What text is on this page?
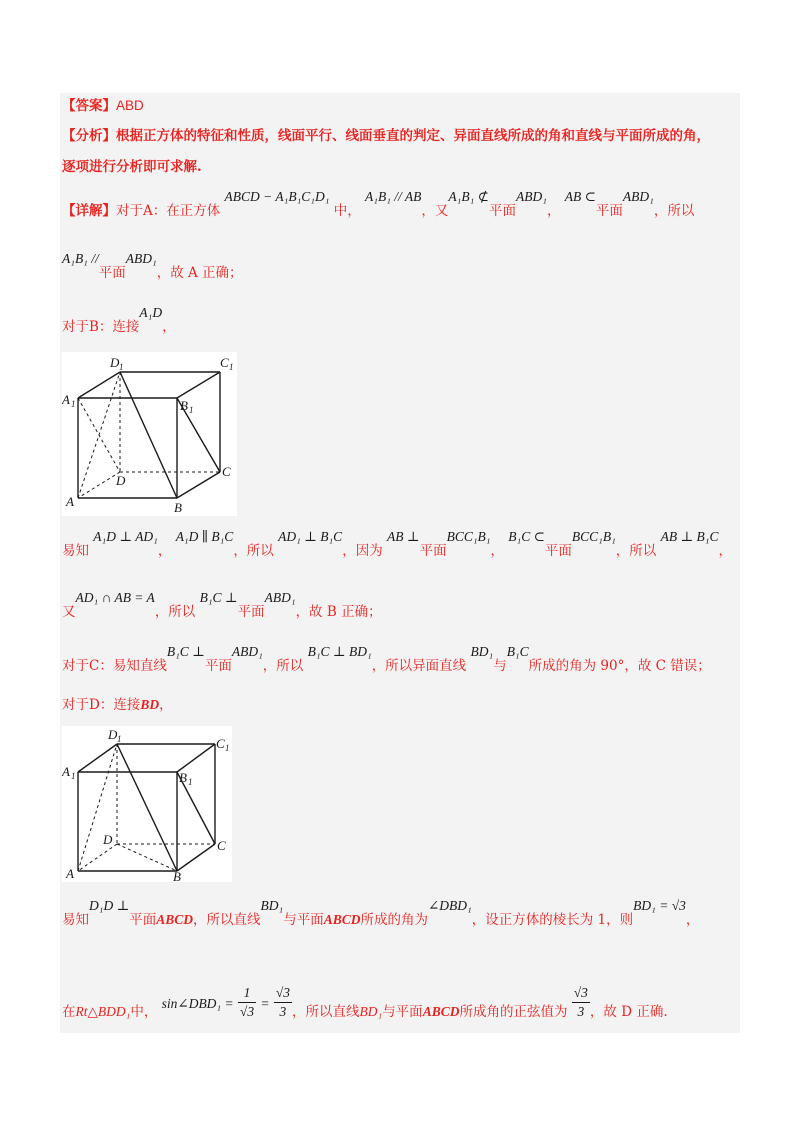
【答案】ABD
【分析】根据正方体的特征和性质，线面平行、线面垂直的判定、异面直线所成的角和直线与平面所成的角，
逐项进行分析即可求解.
【详解】对于A：在正方体 ABCD − A₁B₁C₁D₁ 中， A₁B₁ // AB，又A₁B₁ ⊄平面ABD₁， AB ⊂平面ABD₁，所以
A₁B₁ //平面ABD₁，故 A 正确；
对于B：连接A₁D，
D 1	C 1
A 1	B 1
D
C
A	B
易知 A₁D ⊥ AD₁， A₁D ∥ B₁C，所以 AD₁ ⊥ B₁C，因为 AB ⊥平面BCC₁B₁， B₁C ⊂平面BCC₁B₁，所以 AB ⊥ B₁C，
又AD₁ ∩ AB = A，所以 B₁C ⊥平面ABD₁，故 B 正确；
对于C：易知直线B₁C ⊥平面ABD₁，所以 B₁C ⊥ BD₁，所以异面直线 BD₁与B₁C所成的角为 90°，故 C 错误；
对于D：连接BD，
D 1	C 1
A 1	B 1
D	C
A	B
易知D₁D ⊥平面ABCD，所以直线BD₁与平面ABCD所成的角为∠DBD₁，设正方体的棱长为 1，则BD₁ = √3，
在Rt△BDD₁中， sin∠DBD₁ = $\frac{1}{√3} = \frac{√3}{3}$ ，所以直线BD₁与平面ABCD所成角的正弦值为 $\frac{√3}{3}$ ，故 D 正确.
